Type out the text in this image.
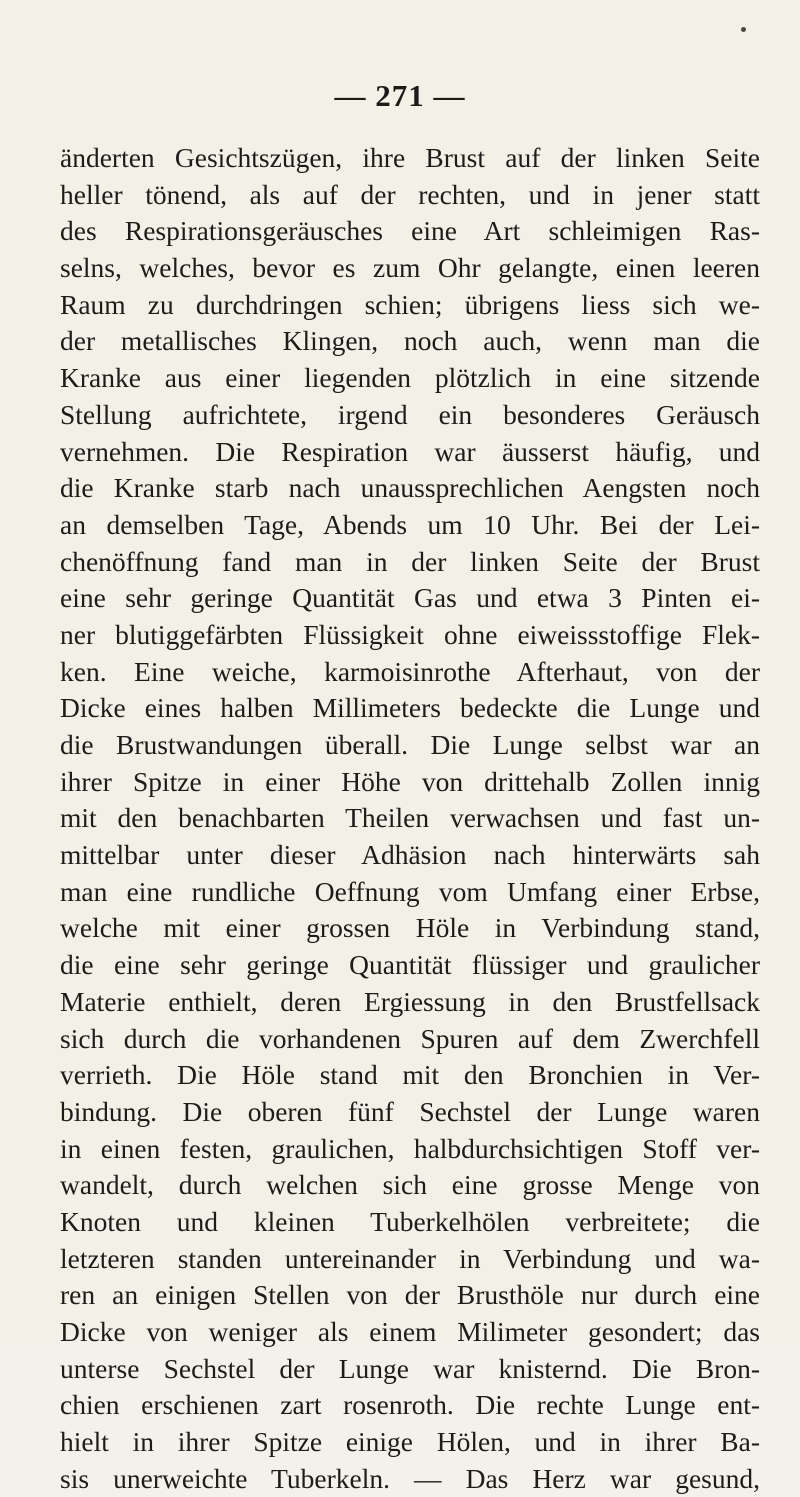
— 271 —
änderten Gesichtszügen, ihre Brust auf der linken Seite
heller tönend, als auf der rechten, und in jener statt
des Respirationsgeräusches eine Art schleimigen Ras-
selns, welches, bevor es zum Ohr gelangte, einen leeren
Raum zu durchdringen schien; übrigens liess sich we-
der metallisches Klingen, noch auch, wenn man die
Kranke aus einer liegenden plötzlich in eine sitzende
Stellung aufrichtete, irgend ein besonderes Geräusch
vernehmen. Die Respiration war äusserst häufig, und
die Kranke starb nach unaussprechlichen Aengsten noch
an demselben Tage, Abends um 10 Uhr. Bei der Lei-
chenöffnung fand man in der linken Seite der Brust
eine sehr geringe Quantität Gas und etwa 3 Pinten ei-
ner blutiggefärbten Flüssigkeit ohne eiweissstoffige Flek-
ken. Eine weiche, karmoisinrothe Afterhaut, von der
Dicke eines halben Millimeters bedeckte die Lunge und
die Brustwandungen überall. Die Lunge selbst war an
ihrer Spitze in einer Höhe von drittehalb Zollen innig
mit den benachbarten Theilen verwachsen und fast un-
mittelbar unter dieser Adhäsion nach hinterwärts sah
man eine rundliche Oeffnung vom Umfang einer Erbse,
welche mit einer grossen Höle in Verbindung stand,
die eine sehr geringe Quantität flüssiger und graulicher
Materie enthielt, deren Ergiessung in den Brustfellsack
sich durch die vorhandenen Spuren auf dem Zwerchfell
verrieth. Die Höle stand mit den Bronchien in Ver-
bindung. Die oberen fünf Sechstel der Lunge waren
in einen festen, graulichen, halbdurchsichtigen Stoff ver-
wandelt, durch welchen sich eine grosse Menge von
Knoten und kleinen Tuberkelhölen verbreitete; die
letzteren standen untereinander in Verbindung und wa-
ren an einigen Stellen von der Brusthöle nur durch eine
Dicke von weniger als einem Milimeter gesondert; das
unterse Sechstel der Lunge war knisternd. Die Bron-
chien erschienen zart rosenroth. Die rechte Lunge ent-
hielt in ihrer Spitze einige Hölen, und in ihrer Ba-
sis unerweichte Tuberkeln. — Das Herz war gesund,
